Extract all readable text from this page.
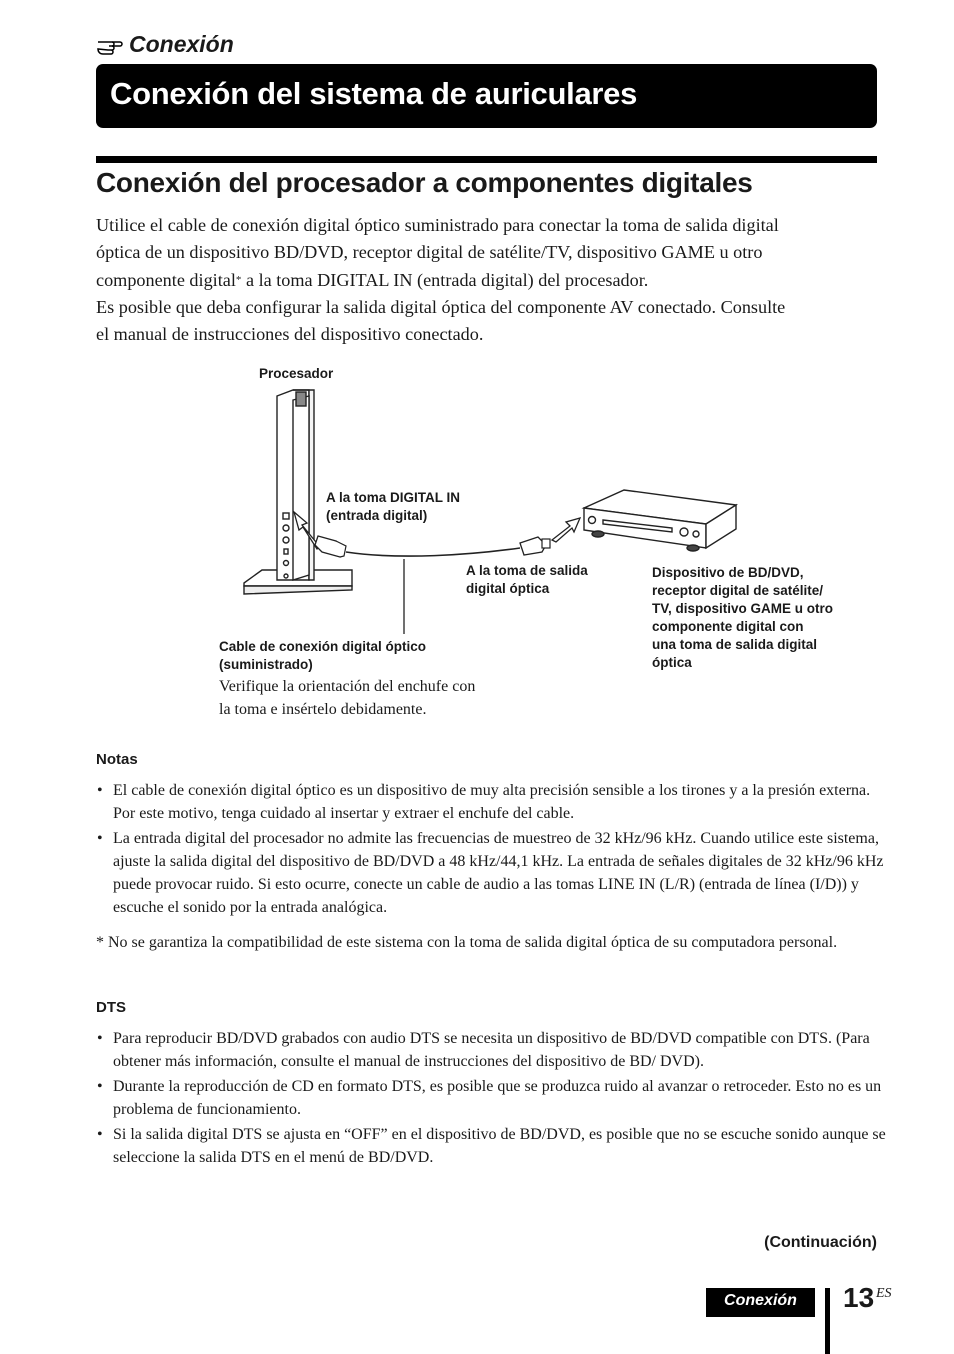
Conexión
Conexión del sistema de auriculares
Conexión del procesador a componentes digitales

Utilice el cable de conexión digital óptico suministrado para conectar la toma de salida digital

óptica de un dispositivo BD/DVD, receptor digital de satélite/TV, dispositivo GAME u otro

componente digital* a la toma DIGITAL IN (entrada digital) del procesador.

Es posible que deba configurar la salida digital óptica del componente AV conectado. Consulte

el manual de instrucciones del dispositivo conectado.

Procesador
A la toma DIGITAL IN
(entrada digital)
A la toma de salida
digital óptica
Dispositivo de BD/DVD,
receptor digital de satélite/
TV, dispositivo GAME u otro
componente digital con
una toma de salida digital
óptica
Cable de conexión digital óptico
(suministrado)
Verifique la orientación del enchufe con
la toma e insértelo debidamente.
Notas
• El cable de conexión digital óptico es un dispositivo de muy alta precisión sensible a los tirones y a la presión externa. Por este motivo, tenga cuidado al insertar y extraer el enchufe del cable.
• La entrada digital del procesador no admite las frecuencias de muestreo de 32 kHz/96 kHz. Cuando utilice este sistema, ajuste la salida digital del dispositivo de BD/DVD a 48 kHz/44,1 kHz. La entrada de señales digitales de 32 kHz/96 kHz puede provocar ruido. Si esto ocurre, conecte un cable de audio a las tomas LINE IN (L/R) (entrada de línea (I/D)) y escuche el sonido por la entrada analógica.
* No se garantiza la compatibilidad de este sistema con la toma de salida digital óptica de su computadora personal.
DTS
• Para reproducir BD/DVD grabados con audio DTS se necesita un dispositivo de BD/DVD compatible con DTS. (Para obtener más información, consulte el manual de instrucciones del dispositivo de BD/ DVD).
• Durante la reproducción de CD en formato DTS, es posible que se produzca ruido al avanzar o retroceder. Esto no es un problema de funcionamiento.
• Si la salida digital DTS se ajusta en “OFF” en el dispositivo de BD/DVD, es posible que no se escuche sonido aunque se seleccione la salida DTS en el menú de BD/DVD.
(Continuación)
Conexión	13 ES
